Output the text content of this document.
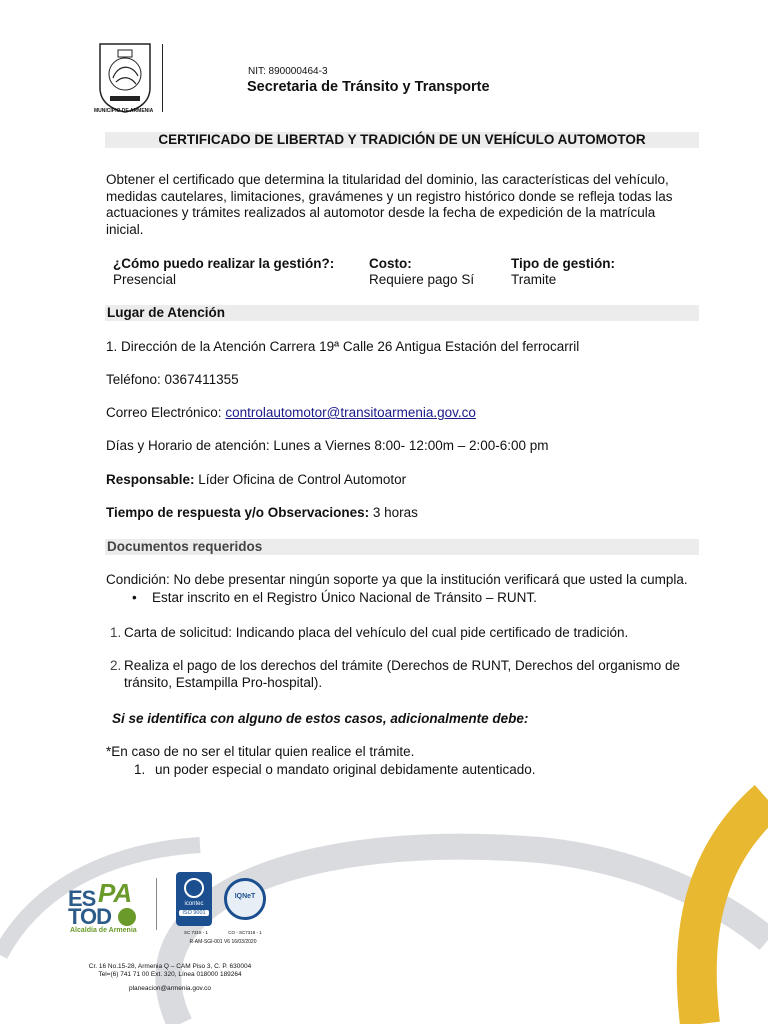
MUNICIPIO DE ARMENIA
NIT: 890000464-3
Secretaria de Tránsito y Transporte
CERTIFICADO DE LIBERTAD Y TRADICIÓN DE UN VEHÍCULO AUTOMOTOR
Obtener el certificado que determina la titularidad del dominio, las características del vehículo,
medidas cautelares, limitaciones, gravámenes y un registro histórico donde se refleja todas las
actuaciones y trámites realizados al automotor desde la fecha de expedición de la matrícula
inicial.
¿Cómo puedo realizar la gestión?:
Presencial
Costo:
Requiere pago Sí
Tipo de gestión:
Tramite
Lugar de Atención
1. Dirección de la Atención Carrera 19ª Calle 26 Antigua Estación del ferrocarril
Teléfono: 0367411355
Correo Electrónico: controlautomotor@transitoarmenia.gov.co
Días y Horario de atención: Lunes a Viernes 8:00- 12:00m – 2:00-6:00 pm
Responsable: Líder Oficina de Control Automotor
Tiempo de respuesta y/o Observaciones: 3 horas
Documentos requeridos
Condición: No debe presentar ningún soporte ya que la institución verificará que usted la cumpla.
• Estar inscrito en el Registro Único Nacional de Tránsito – RUNT.
1. Carta de solicitud: Indicando placa del vehículo del cual pide certificado de tradición.
2. Realiza el pago de los derechos del trámite (Derechos de RUNT, Derechos del organismo de
tránsito, Estampilla Pro-hospital).
Si se identifica con alguno de estos casos, adicionalmente debe:
*En caso de no ser el titular quien realice el trámite.
1. un poder especial o mandato original debidamente autenticado.
ES PA
TOD
Alcaldía de Armenia
icontec
ISO 9001
IQNeT
SC 7318 - 1	CO - SC7318 - 1
R-AM-SGI-001 V6 16/03/2020
Cr. 16 No.15-28, Armenia Q – CAM Piso 3, C. P. 630004
Tel=(6) 741 71 00 Ext. 320, Línea 018000 189264
planeacion@armenia.gov.co
